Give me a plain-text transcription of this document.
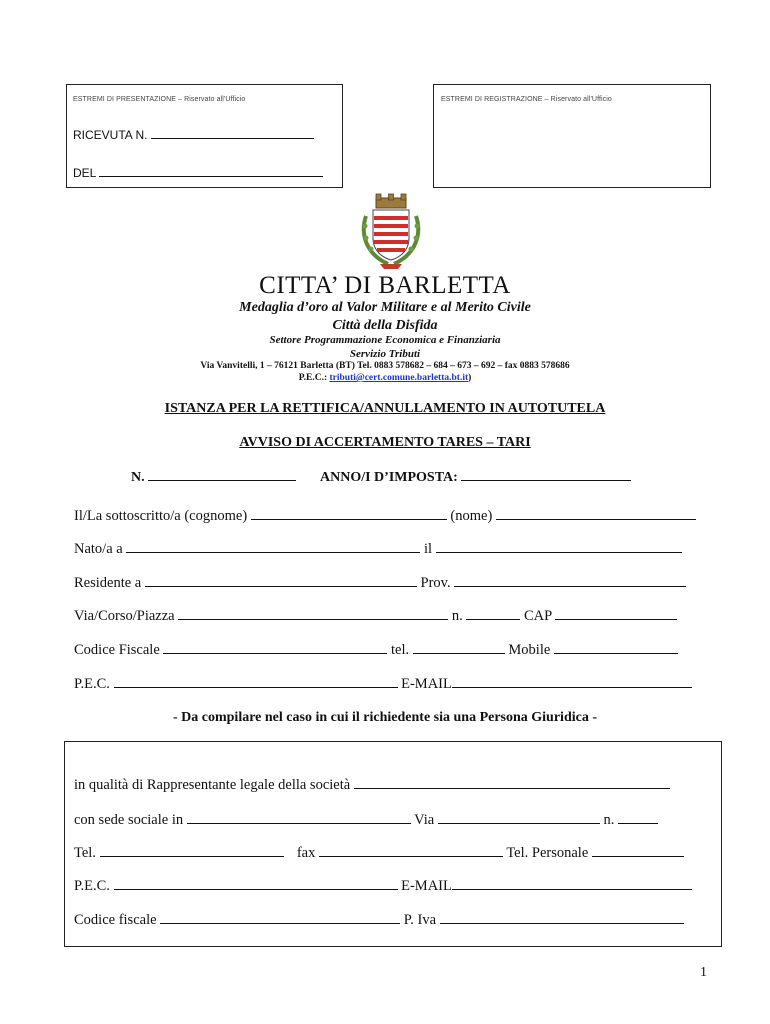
ESTREMI DI PRESENTAZIONE – Riservato all'Ufficio
RICEVUTA N.
DEL
ESTREMI DI REGISTRAZIONE – Riservato all'Ufficio
CITTA’ DI BARLETTA
Medaglia d’oro al Valor Militare e al Merito Civile
Città della Disfida
Settore Programmazione Economica e Finanziaria
Servizio Tributi
Via Vanvitelli, 1 – 76121 Barletta (BT) Tel. 0883 578682 – 684 – 673 – 692 – fax 0883 578686
P.E.C.: tributi@cert.comune.barletta.bt.it)
ISTANZA PER LA RETTIFICA/ANNULLAMENTO IN AUTOTUTELA
AVVISO DI ACCERTAMENTO TARES – TARI
N.	ANNO/I D’IMPOSTA:
Il/La sottoscritto/a (cognome)	(nome)
Nato/a a	il
Residente a	Prov.
Via/Corso/Piazza	n.	CAP
Codice Fiscale	tel.	Mobile
P.E.C.	E-MAIL
- Da compilare nel caso in cui il richiedente sia una Persona Giuridica -
in qualità di Rappresentante legale della società
con sede sociale in	Via	n.
Tel.	fax	Tel. Personale
P.E.C.	E-MAIL
Codice fiscale	P. Iva
1
